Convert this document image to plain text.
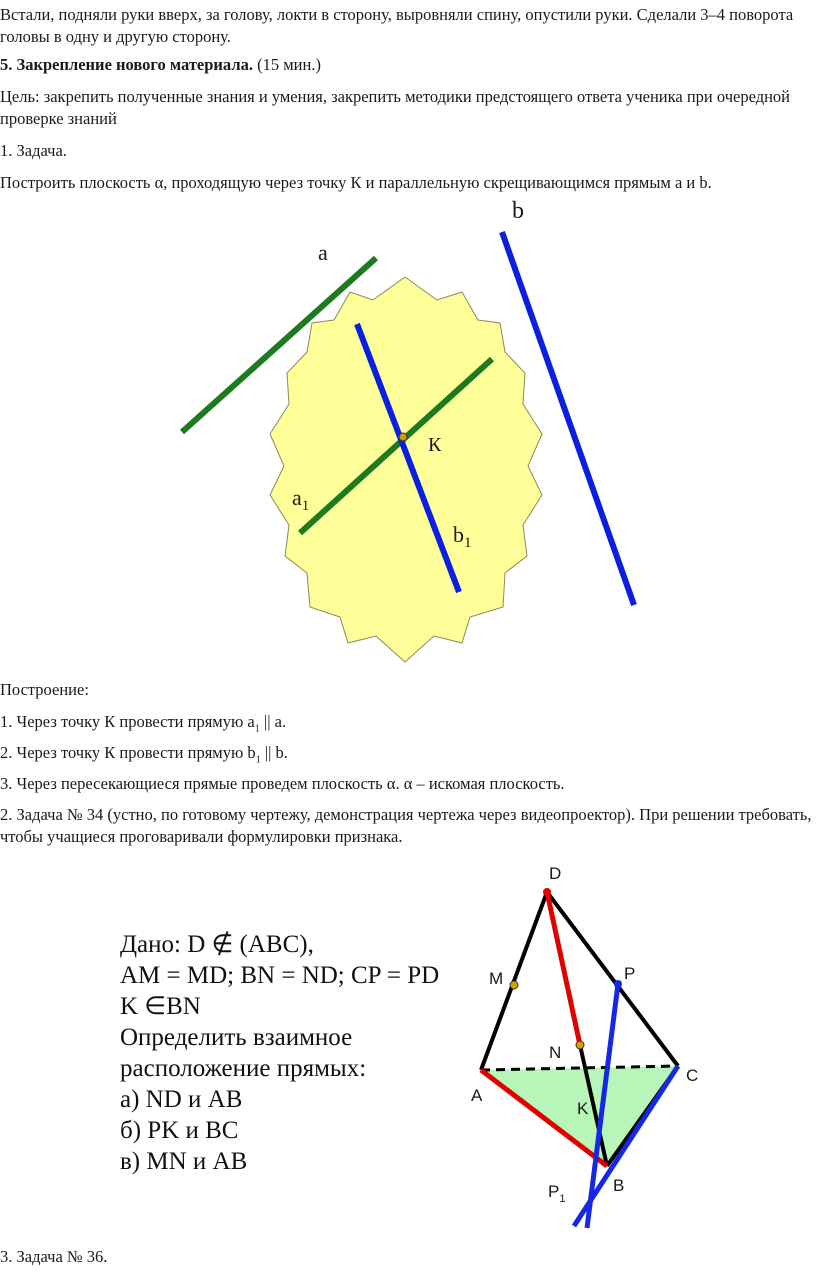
Встали, подняли руки вверх, за голову, локти в сторону, выровняли спину, опустили руки. Сделали 3–4 поворота головы в одну и другую сторону.

5. Закрепление нового материала. (15 мин.)

Цель: закрепить полученные знания и умения, закрепить методики предстоящего ответа ученика при очередной проверке знаний

1. Задача.

Построить плоскость α, проходящую через точку К и параллельную скрещивающимся прямым a и b.

a
b
К
$a_1$
$b_1$

Построение:

1. Через точку К провести прямую $a_1$ || a.

2. Через точку К провести прямую $b_1$ || b.

3. Через пересекающиеся прямые проведем плоскость α. α – искомая плоскость.

2. Задача № 34 (устно, по готовому чертежу, демонстрация чертежа через видеопроектор). При решении требовать, чтобы учащиеся проговаривали формулировки признака.

Дано: D ∉ (ABC),
AM = MD; BN = ND; CP = PD
K ∈BN
Определить взаимное
расположение прямых:
а) ND и AB
б) PK и BC
в) MN и AB
D
M	P
N
A
C
K
B
$P_1$

3. Задача № 36.
